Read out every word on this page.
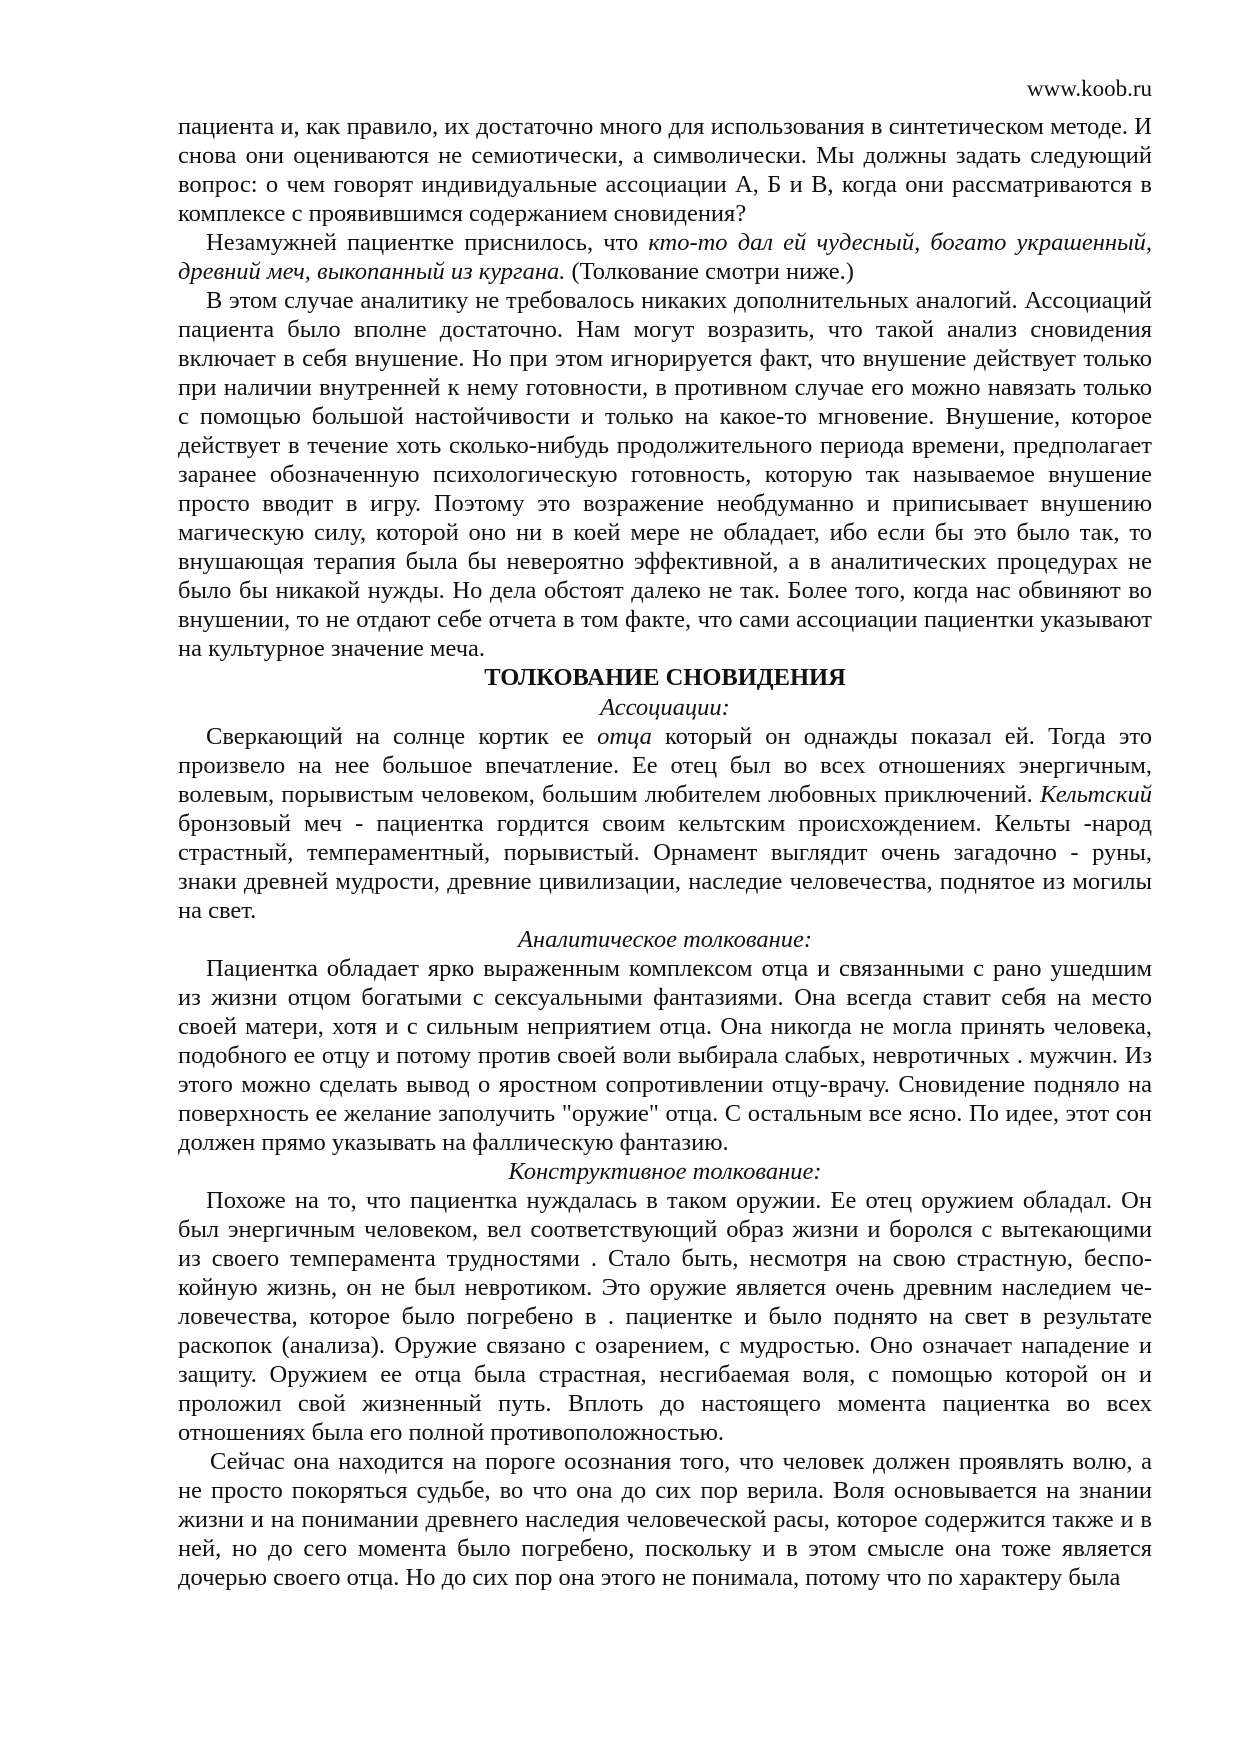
www.koob.ru

пациента и, как правило, их достаточно много для использования в синтетическом методе. И снова они оцениваются не семиотически, а символически. Мы должны задать следующий вопрос: о чем говорят индивидуальные ассоциации А, Б и В, когда они рассматриваются в комплексе с проявившимся содержанием сновидения?

Незамужней пациентке приснилось, что кто-то дал ей чудесный, богато украшенный, древний меч, выкопанный из кургана. (Толкование смотри ниже.)

В этом случае аналитику не требовалось никаких дополнительных аналогий. Ассоциаций пациента было вполне достаточно. Нам могут возразить, что такой анализ сновидения включает в себя внушение. Но при этом игнорируется факт, что внушение действует только при наличии внутренней к нему готовности, в противном случае его можно навязать только с помощью большой настойчивости и только на какое-то мгновение. Внушение, которое действует в течение хоть сколько-нибудь продолжительного периода времени, предполагает заранее обозначенную психологическую готовность, которую так называемое внушение просто вводит в игру. Поэтому это возражение необдуманно и приписывает внушению магическую силу, которой оно ни в коей мере не обладает, ибо если бы это было так, то внушающая терапия была бы невероятно эффективной, а в аналитических процедурах не было бы никакой нужды. Но дела обстоят далеко не так. Более того, когда нас обвиняют во внушении, то не отдают себе отчета в том факте, что сами ассоциации пациентки указывают на культурное значение меча.

ТОЛКОВАНИЕ СНОВИДЕНИЯ
Ассоциации:

Сверкающий на солнце кортик ее отца который он однажды показал ей. Тогда это произвело на нее большое впечатление. Ее отец был во всех отношениях энергичным, волевым, порывистым человеком, большим любителем любовных приключений. Кельтский бронзовый меч - пациентка гордится своим кельтским происхождением. Кельты -народ страстный, темпераментный, порывистый. Орнамент выглядит очень загадочно - руны, знаки древней мудрости, древние цивилизации, наследие человечества, поднятое из могилы на свет.

Аналитическое толкование:

Пациентка обладает ярко выраженным комплексом отца и связанными с рано ушедшим из жизни отцом богатыми с сексуальными фантазиями. Она всегда ставит себя на место своей матери, хотя и с сильным неприятием отца. Она никогда не могла принять человека, подобного ее отцу и потому против своей воли выбирала слабых, невротичных . мужчин. Из этого можно сделать вывод о яростном сопротивлении отцу-врачу. Сновидение подняло на поверхность ее желание заполучить "оружие" отца. С остальным все ясно. По идее, этот сон должен прямо указывать на фаллическую фантазию.

Конструктивное толкование:

Похоже на то, что пациентка нуждалась в таком оружии. Ее отец оружием обладал. Он был энергичным человеком, вел соответствующий образ жизни и боролся с вытекающими из своего темперамента трудностями . Стало быть, несмотря на свою страстную, беспокойную жизнь, он не был невротиком. Это оружие является очень древним наследием человечества, которое было погребено в . пациентке и было поднято на свет в результате раскопок (анализа). Оружие связано с озарением, с мудростью. Оно означает нападение и защиту. Оружием ее отца была страстная, несгибаемая воля, с помощью которой он и проложил свой жизненный путь. Вплоть до настоящего момента пациентка во всех отношениях была его полной противоположностью.

Сейчас она находится на пороге осознания того, что человек должен проявлять волю, а не просто покоряться судьбе, во что она до сих пор верила. Воля основывается на знании жизни и на понимании древнего наследия человеческой расы, которое содержится также и в ней, но до сего момента было погребено, поскольку и в этом смысле она тоже является дочерью своего отца. Но до сих пор она этого не понимала, потому что по характеру была
